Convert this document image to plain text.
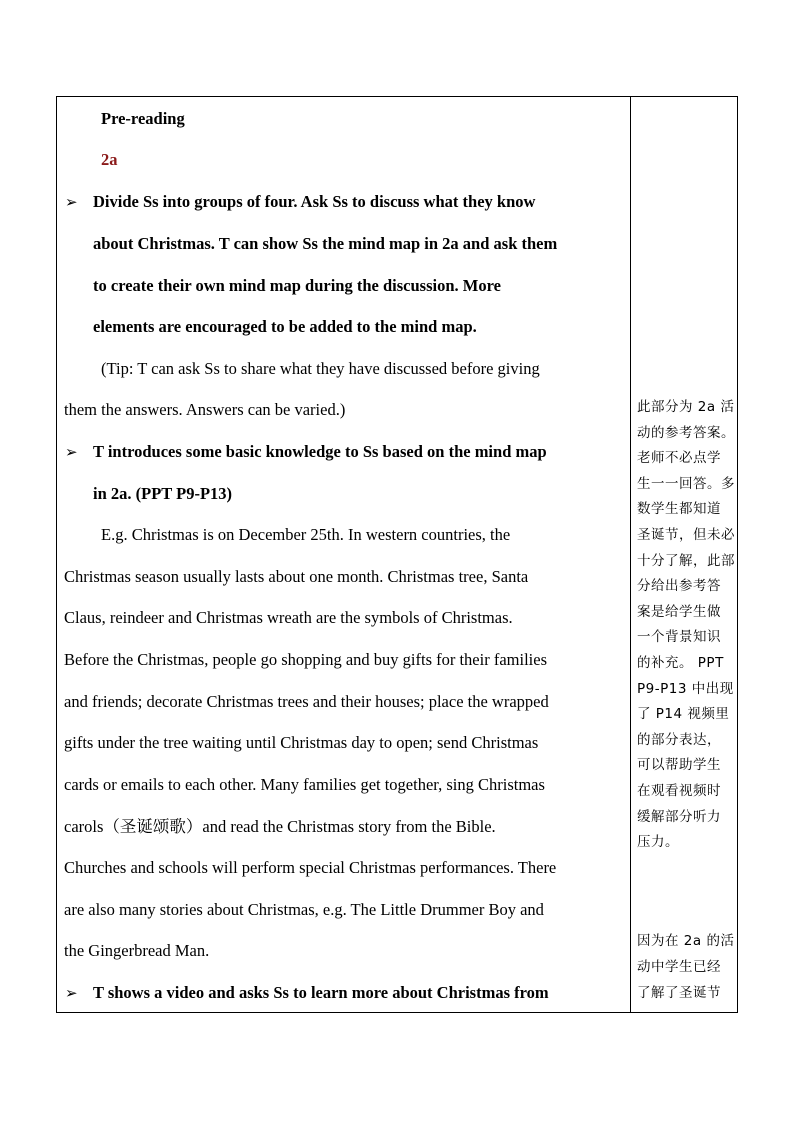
Pre-reading
2a
➢ Divide Ss into groups of four. Ask Ss to discuss what they know
about Christmas. T can show Ss the mind map in 2a and ask them
to create their own mind map during the discussion. More
elements are encouraged to be added to the mind map.
(Tip: T can ask Ss to share what they have discussed before giving
them the answers. Answers can be varied.)
➢ T introduces some basic knowledge to Ss based on the mind map
in 2a. (PPT P9-P13)
E.g. Christmas is on December 25th. In western countries, the
Christmas season usually lasts about one month. Christmas tree, Santa
Claus, reindeer and Christmas wreath are the symbols of Christmas.
Before the Christmas, people go shopping and buy gifts for their families
and friends; decorate Christmas trees and their houses; place the wrapped
gifts under the tree waiting until Christmas day to open; send Christmas
cards or emails to each other. Many families get together, sing Christmas
carols（圣诞颂歌）and read the Christmas story from the Bible.
Churches and schools will perform special Christmas performances. There
are also many stories about Christmas, e.g. The Little Drummer Boy and
the Gingerbread Man.
➢ T shows a video and asks Ss to learn more about Christmas from
此部分为 2a 活
动的参考答案。
老师不必点学
生一一回答。多
数学生都知道
圣诞节，但未必
十分了解，此部
分给出参考答
案是给学生做
一个背景知识
的补充。 PPT
P9-P13 中出现
了 P14 视频里
的部分表达，
可以帮助学生
在观看视频时
缓解部分听力
压力。
因为在 2a 的活
动中学生已经
了解了圣诞节
